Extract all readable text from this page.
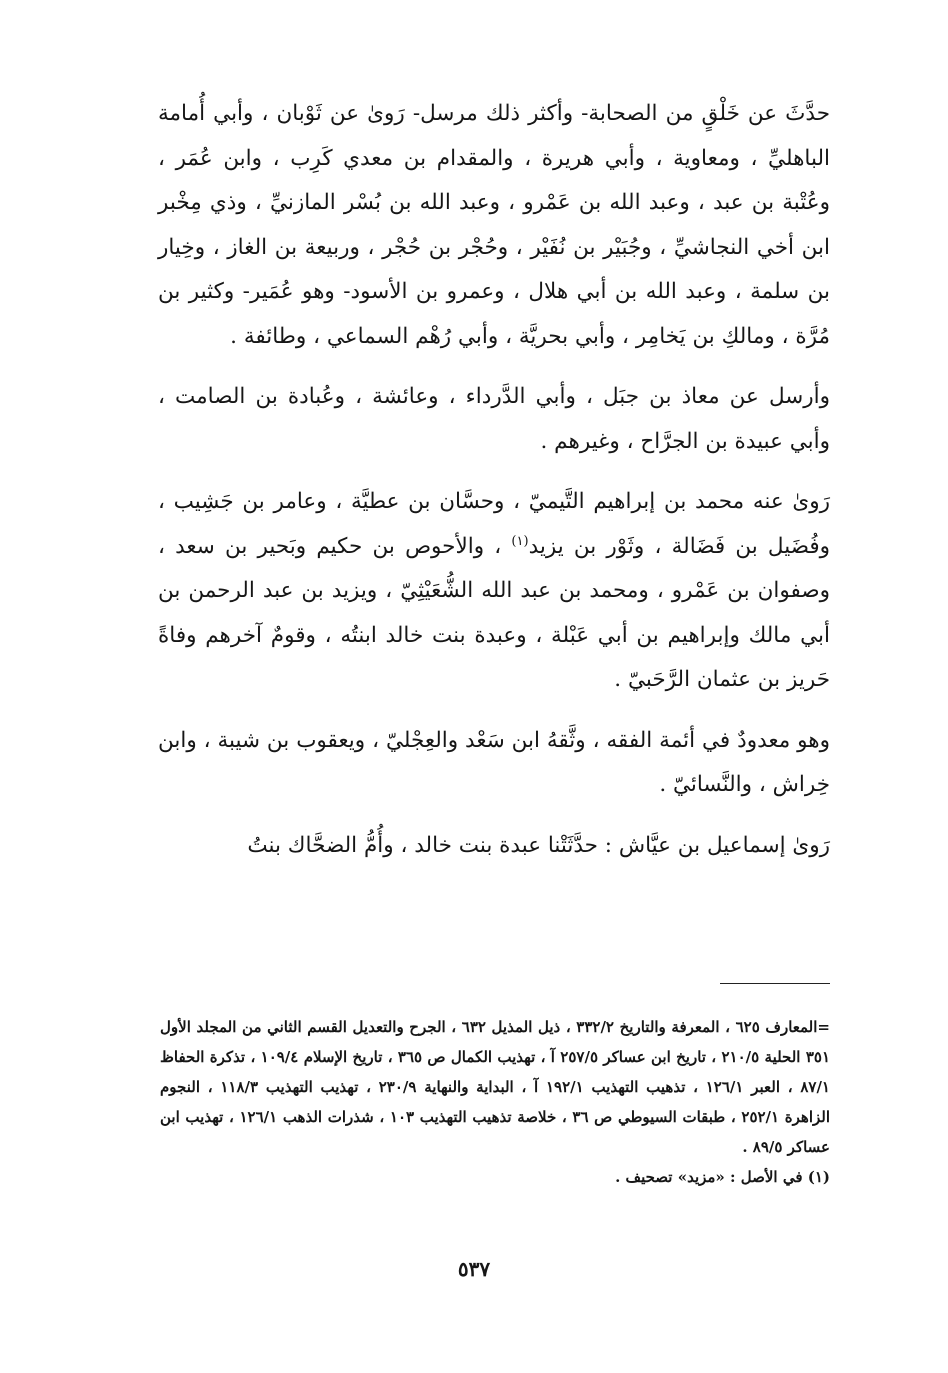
حدَّثَ عن خَلْقٍ من الصحابة- وأكثر ذلك مرسل- رَوىٰ عن ثَوْبان ، وأبي أُمامة الباهليِّ ، ومعاوية ، وأبي هريرة ، والمقدام بن معدي كَرِب ، وابن عُمَر ، وعُتْبة بن عبد ، وعبد الله بن عَمْرو ، وعبد الله بن بُسْر المازنيِّ ، وذي مِخْبر ابن أخي النجاشيِّ ، وجُبَيْر بن نُفَيْر ، وحُجْر بن حُجْر ، وربيعة بن الغاز ، وخِيار بن سلمة ، وعبد الله بن أبي هلال ، وعمرو بن الأسود- وهو عُمَير- وكثير بن مُرَّة ، ومالكِ بن يَخامِر ، وأبي بحريَّة ، وأبي رُهْم السماعي ، وطائفة .

وأرسل عن معاذ بن جبَل ، وأبي الدَّرداء ، وعائشة ، وعُبادة بن الصامت ، وأبي عبيدة بن الجرَّاح ، وغيرهم .

رَوىٰ عنه محمد بن إبراهيم التَّيميّ ، وحسَّان بن عطيَّة ، وعامر بن جَشِيب ، وفُضَيل بن فَضَالة ، وثَوْر بن يزيد$^{(١)}$ ، والأحوص بن حكيم وبَحير بن سعد ، وصفوان بن عَمْرو ، ومحمد بن عبد الله الشُّعَيْثِيّ ، ويزيد بن عبد الرحمن بن أبي مالك وإبراهيم بن أبي عَبْلة ، وعبدة بنت خالد ابنتُه ، وقومٌ آخرهم وفاةً حَريز بن عثمان الرَّحَبيّ .

وهو معدودٌ في أئمة الفقه ، وثَّقهُ ابن سَعْد والعِجْليّ ، ويعقوب بن شيبة ، وابن خِراش ، والنَّسائيّ .

رَوىٰ إسماعيل بن عيَّاش : حدَّثَتْنا عبدة بنت خالد ، وأُمُّ الضحَّاك بنتُ

=المعارف ٦٢٥ ، المعرفة والتاريخ ٣٣٢/٢ ، ذيل المذيل ٦٣٢ ، الجرح والتعديل القسم الثاني من المجلد الأول ٣٥١ الحلية ٢١٠/٥ ، تاريخ ابن عساكر ٢٥٧/٥ آ ، تهذيب الكمال ص ٣٦٥ ، تاريخ الإسلام ١٠٩/٤ ، تذكرة الحفاظ ٨٧/١ ، العبر ١٢٦/١ ، تذهيب التهذيب ١٩٢/١ آ ، البداية والنهاية ٢٣٠/٩ ، تهذيب التهذيب ١١٨/٣ ، النجوم الزاهرة ٢٥٢/١ ، طبقات السيوطي ص ٣٦ ، خلاصة تذهيب التهذيب ١٠٣ ، شذرات الذهب ١٢٦/١ ، تهذيب ابن عساكر ٨٩/٥ .

(١) في الأصل : «مزيد» تصحيف .

٥٣٧
